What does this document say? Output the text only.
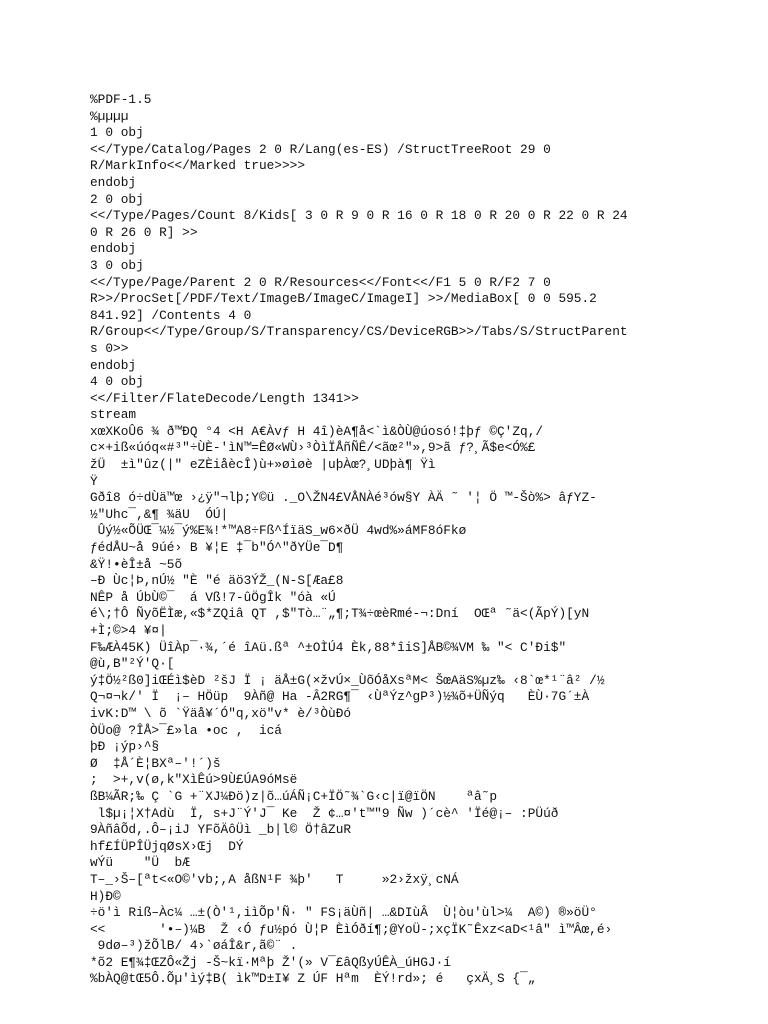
%PDF-1.5
%µµµµ
1 0 obj
<</Type/Catalog/Pages 2 0 R/Lang(es-ES) /StructTreeRoot 29 0
R/MarkInfo<</Marked true>>>>
endobj
2 0 obj
<</Type/Pages/Count 8/Kids[ 3 0 R 9 0 R 16 0 R 18 0 R 20 0 R 22 0 R 24
0 R 26 0 R] >>
endobj
3 0 obj
<</Type/Page/Parent 2 0 R/Resources<</Font<</F1 5 0 R/F2 7 0
R>>/ProcSet[/PDF/Text/ImageB/ImageC/ImageI] >>/MediaBox[ 0 0 595.2
841.92] /Contents 4 0
R/Group<</Type/Group/S/Transparency/CS/DeviceRGB>>/Tabs/S/StructParent
s 0>>
endobj
4 0 obj
<</Filter/FlateDecode/Length 1341>>
stream
xœXKoÛ6 ¾ ð™ÐQ °4 <H A€Àvƒ H 4î)èA¶å<`ì&ÒÙ@úosó!‡þƒ ©Ç'Zq,/
c×+iß«úóq«#³"÷ÙÈ-'ìN™=ÊØ«WÙ›³ÒìÏÅñÑÊ/<ãœ²"»,9>ã ƒ?¸Ã$e<Ó%£
žÜ  ±ì"ûz(|" eZÈiåècÎ)ù+»øìøè |uþÀœ?¸UDþà¶ Ÿì
Ÿ
Gðî8 ó÷dÙä™œ ›¿ÿ"¬lþ;Y©ü ._O\ŽN4£VÅNÀé³ów§Y ÀÄ ˜ '¦ Ö ™-Šò%> âƒYZ-
½"Uhc¯,&¶ ¾äU  ÓÚ|
Ûý½«ÕÜŒ¯¼½¯ý%E¾!*™A8÷Fß^ÍïäS_w6×ðÜ 4wd%»áMF8óFkø
ƒédÅU~å 9úé› B ¥¦E ‡¯b"Ó^"ðYÜe¯D¶
&Ÿ!•èÎ±å ~5õ
–Ð Ùc¦Þ,nÚ½ "È "é äö3ÝŽ_(N-S[Æa£8
NÊP å ÚbÙ©¯  á Vß!7-ûÖgÎk "óà «Ú
é\;†Ô ÑyõËÌæ,«$*ZQiâ QT ,$"Tò…¨„¶;T¾÷œèRmé-¬:Dní  OŒª ˜ä<(ÃpÝ)[yN
+Ì;©>4 ¥¤|
F‰ÆÀ45K) ÜîÀp¯·¾,´é îAü.ßª ^±OÌÚ4 Èk,88*îiS]ÅB©¾VM ‰ "< C'Ði$"
@ù,B"²Ý'Q·[
ý‡Ö½²ß0]iŒÉì$èD ²šJ Ï ¡ äÅ±G(×žvÚ×_ÙõÓåXsªM< ŠœAäS%µz‰ ‹8`œ*¹¨â² /½
Q¬¤¬k/' Ï  ¡– HÖüp  9Àñ@ Ha -Â2RG¶¯ ‹ÙªÝz^gP³)½¾õ+ÜÑýq   ÈÙ·7G´±À
ivK:D™ \ õ `Ÿäå¥´Ó"q,xö"v* è/³ÒùÐó
ÒÜo@ ?ÎÅ>¯£»la •oc ,  icá
þÐ ¡ýp›^§
Ø  ‡Å´È¦BXª–'!´)š
;  >+,v(ø,k"XìÊú>9Ù£ÚA9óMsë
ßB¼ÃR;‰ Ç `G +¨XJ¼Ðö)z|õ…úÁÑ¡C+ÏÖ˜¾`G‹c|ï@ïÖN    ªâ˜p
l$µ¡¦X†Adù  Ï, s+J¨Ý'J¯ Ke  Ž ¢…¤'t™"9 Ñw )´cè^ 'Ïé@¡– :PÜúð
9ÀñâÕd,.Ô–¡iJ YFõÄôÜì _b|l© Ö†âZuR
hf£ÍÜPÎÜjqØsX›Œj  DÝ
wÝü    "Ü  bÆ
T–_›Š–[ªt<«O©'vb;,A åßN¹F ¾þ'   T     »2›žxÿ¸cNÁ
H)Ð©
÷ö'ì Riß–Àc¼ …±(Ò'¹,iìÕp'Ñ· " FS¡äÙñ| …&DIùÂ  Ù¦òu'ùl>¼  A©) ®»öÜ°
<<       '•–)¼B  Ž ‹Ó ƒu½pó Ù¦P ÈìÓðí¶;@YoÜ-;xçÏK˜Êxz<aD<¹â" ì™Âœ,é›
9dø–³)žÕlB/ 4›`øáÎ&r,ã©¨ .
*õ2 E¶¾‡ŒZÔ«Žj -Š~kï·Mªþ Ž'(» V¯£âQßyÚÊÀ_úHGJ·í
%bÀQ@tŒ5Ô.Õµ'ìý‡B( ìk™D±I¥ Z ÚF Hªm  ÈÝ!rd»; é   çxÄ¸S {¯„
